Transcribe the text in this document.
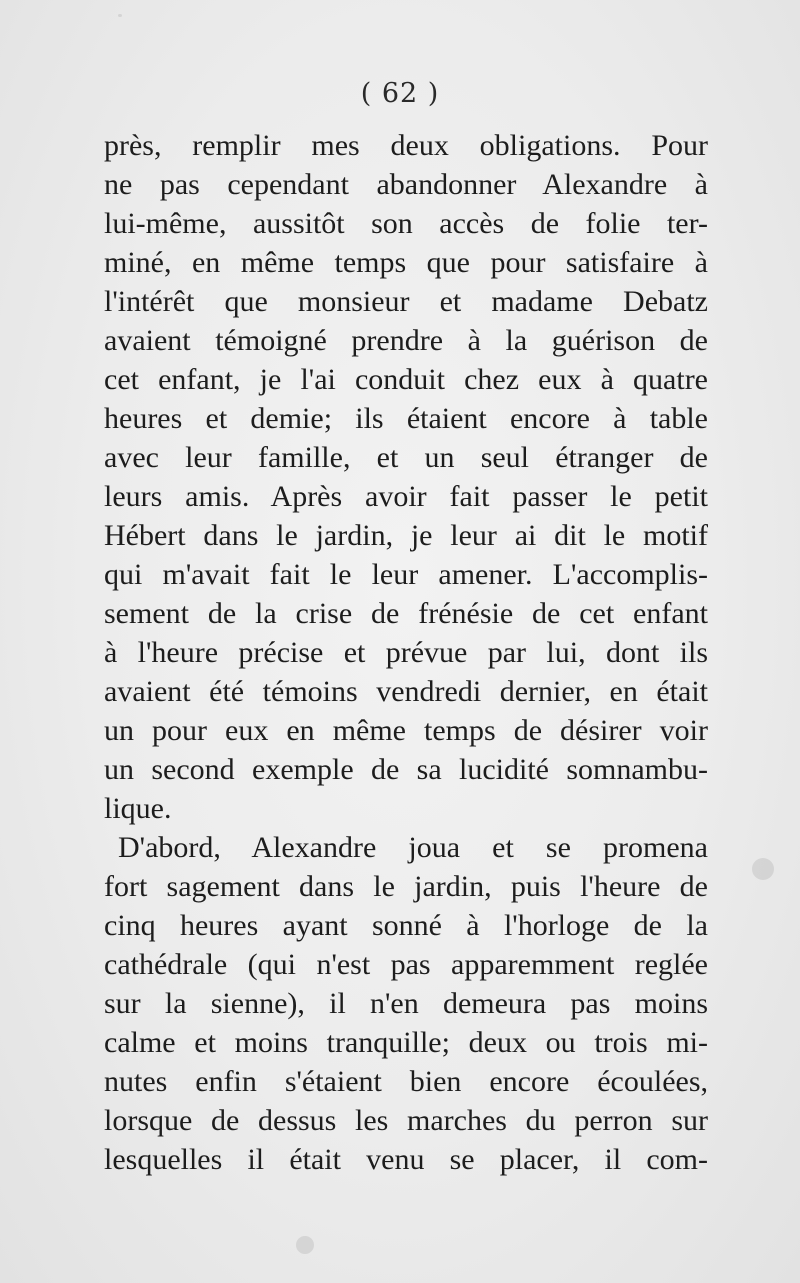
( 62 )
près, remplir mes deux obligations. Pour
ne pas cependant abandonner Alexandre à
lui-même, aussitôt son accès de folie ter-
miné, en même temps que pour satisfaire à
l'intérêt que monsieur et madame Debatz
avaient témoigné prendre à la guérison de
cet enfant, je l'ai conduit chez eux à quatre
heures et demie; ils étaient encore à table
avec leur famille, et un seul étranger de
leurs amis. Après avoir fait passer le petit
Hébert dans le jardin, je leur ai dit le motif
qui m'avait fait le leur amener. L'accomplis-
sement de la crise de frénésie de cet enfant
à l'heure précise et prévue par lui, dont ils
avaient été témoins vendredi dernier, en était
un pour eux en même temps de désirer voir
un second exemple de sa lucidité somnambu-
lique.
D'abord, Alexandre joua et se promena
fort sagement dans le jardin, puis l'heure de
cinq heures ayant sonné à l'horloge de la
cathédrale (qui n'est pas apparemment reglée
sur la sienne), il n'en demeura pas moins
calme et moins tranquille; deux ou trois mi-
nutes enfin s'étaient bien encore écoulées,
lorsque de dessus les marches du perron sur
lesquelles il était venu se placer, il com-
